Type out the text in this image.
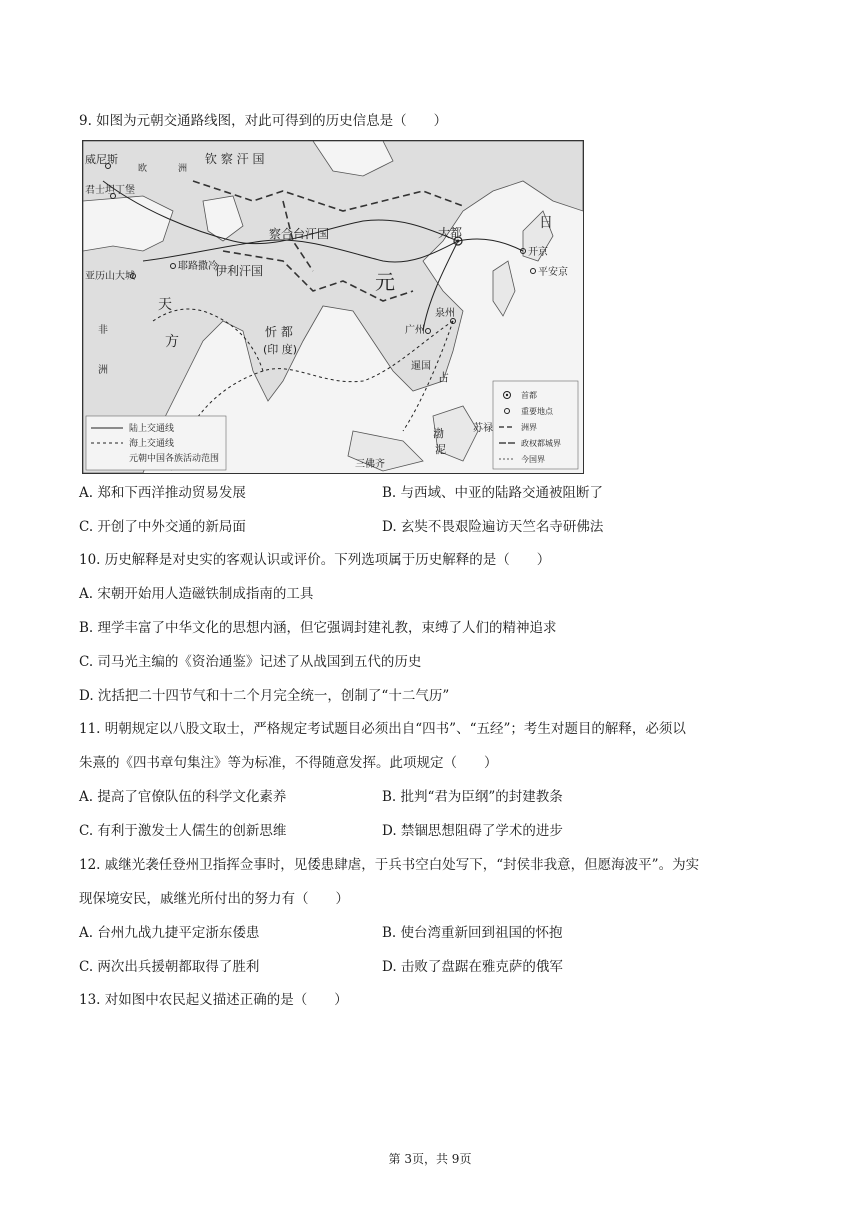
9. 如图为元朝交通路线图，对此可得到的历史信息是（　　）
威尼斯
欧	洲
钦 察 汗 国
君士坦丁堡
察合台汗国
伊利汗国
大都
开京
平安京
日
元
亚历山大城
耶路撒冷
天
方
非
洲
忻 都
(印 度)
泉州
广州
暹国
占
苏禄
渤
泥
三佛齐
陆上交通线
海上交通线
元朝中国各族活动范围
首都
重要地点
洲界
政权都城界
今国界
A. 郑和下西洋推动贸易发展	B. 与西域、中亚的陆路交通被阻断了
C. 开创了中外交通的新局面	D. 玄奘不畏艰险遍访天竺名寺研佛法
10. 历史解释是对史实的客观认识或评价。下列选项属于历史解释的是（　　）
A. 宋朝开始用人造磁铁制成指南的工具
B. 理学丰富了中华文化的思想内涵，但它强调封建礼教，束缚了人们的精神追求
C. 司马光主编的《资治通鉴》记述了从战国到五代的历史
D. 沈括把二十四节气和十二个月完全统一，创制了“十二气历”
11. 明朝规定以八股文取士，严格规定考试题目必须出自“四书”、“五经”；考生对题目的解释，必须以
朱熹的《四书章句集注》等为标准，不得随意发挥。此项规定（　　）
A. 提高了官僚队伍的科学文化素养	B. 批判“君为臣纲”的封建教条
C. 有利于激发士人儒生的创新思维	D. 禁锢思想阻碍了学术的进步
12. 戚继光袭任登州卫指挥佥事时，见倭患肆虐，于兵书空白处写下，“封侯非我意，但愿海波平”。为实
现保境安民，戚继光所付出的努力有（　　）
A. 台州九战九捷平定浙东倭患	B. 使台湾重新回到祖国的怀抱
C. 两次出兵援朝都取得了胜利	D. 击败了盘踞在雅克萨的俄军
13. 对如图中农民起义描述正确的是（　　）
第 3页，共 9页
